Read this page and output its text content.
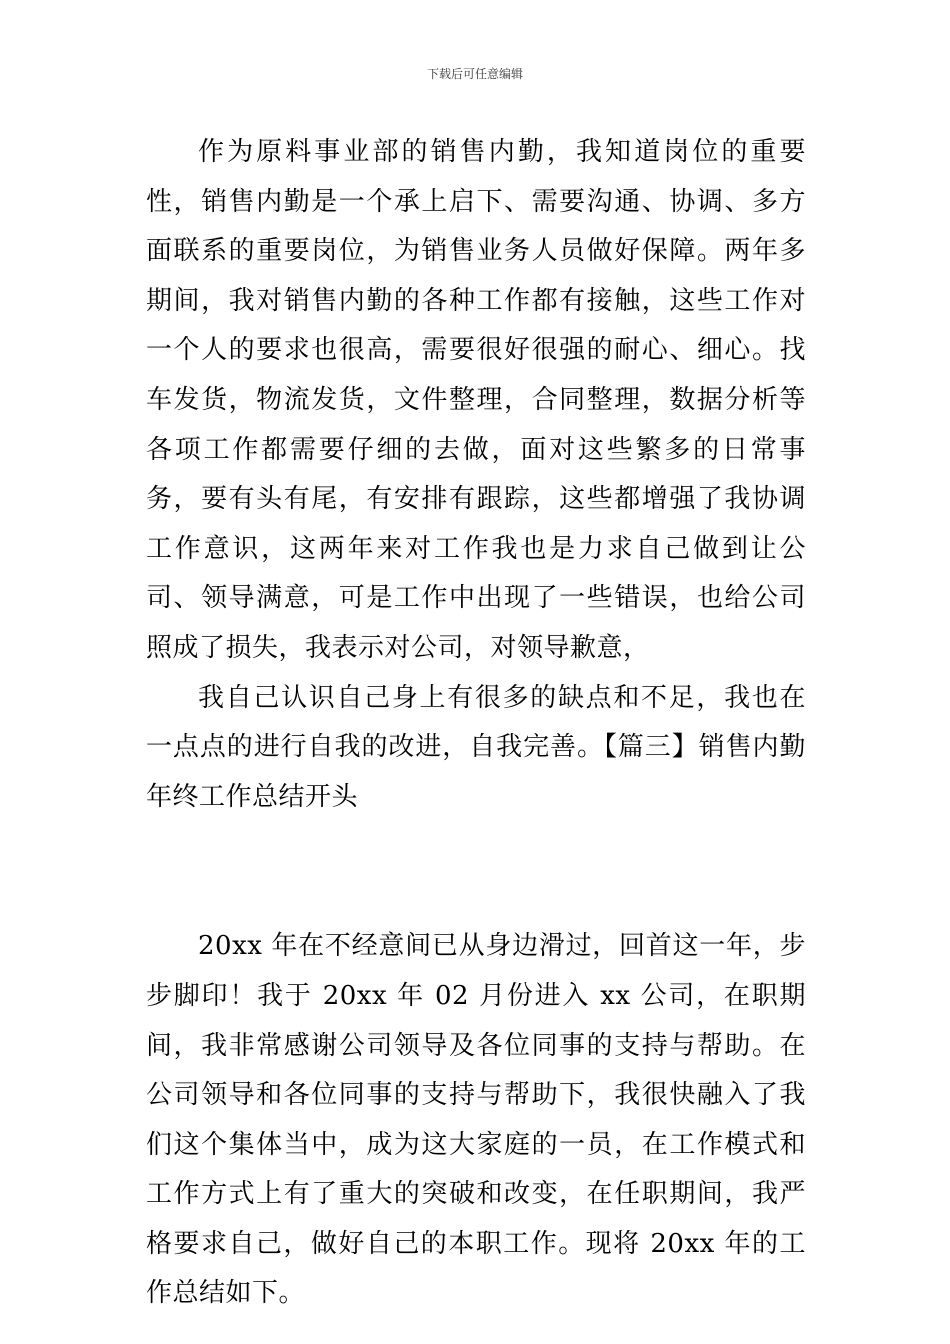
下载后可任意编辑

作为原料事业部的销售内勤，我知道岗位的重要性，销售内勤是一个承上启下、需要沟通、协调、多方面联系的重要岗位，为销售业务人员做好保障。两年多期间，我对销售内勤的各种工作都有接触，这些工作对一个人的要求也很高，需要很好很强的耐心、细心。找车发货，物流发货，文件整理，合同整理，数据分析等各项工作都需要仔细的去做，面对这些繁多的日常事务，要有头有尾，有安排有跟踪，这些都增强了我协调工作意识，这两年来对工作我也是力求自己做到让公司、领导满意，可是工作中出现了一些错误，也给公司照成了损失，我表示对公司，对领导歉意，

我自己认识自己身上有很多的缺点和不足，我也在一点点的进行自我的改进，自我完善。【篇三】销售内勤年终工作总结开头

20xx 年在不经意间已从身边滑过，回首这一年，步步脚印！我于 20xx 年 02 月份进入 xx 公司，在职期间，我非常感谢公司领导及各位同事的支持与帮助。在公司领导和各位同事的支持与帮助下，我很快融入了我们这个集体当中，成为这大家庭的一员，在工作模式和工作方式上有了重大的突破和改变，在任职期间，我严格要求自己，做好自己的本职工作。现将 20xx 年的工作总结如下。
